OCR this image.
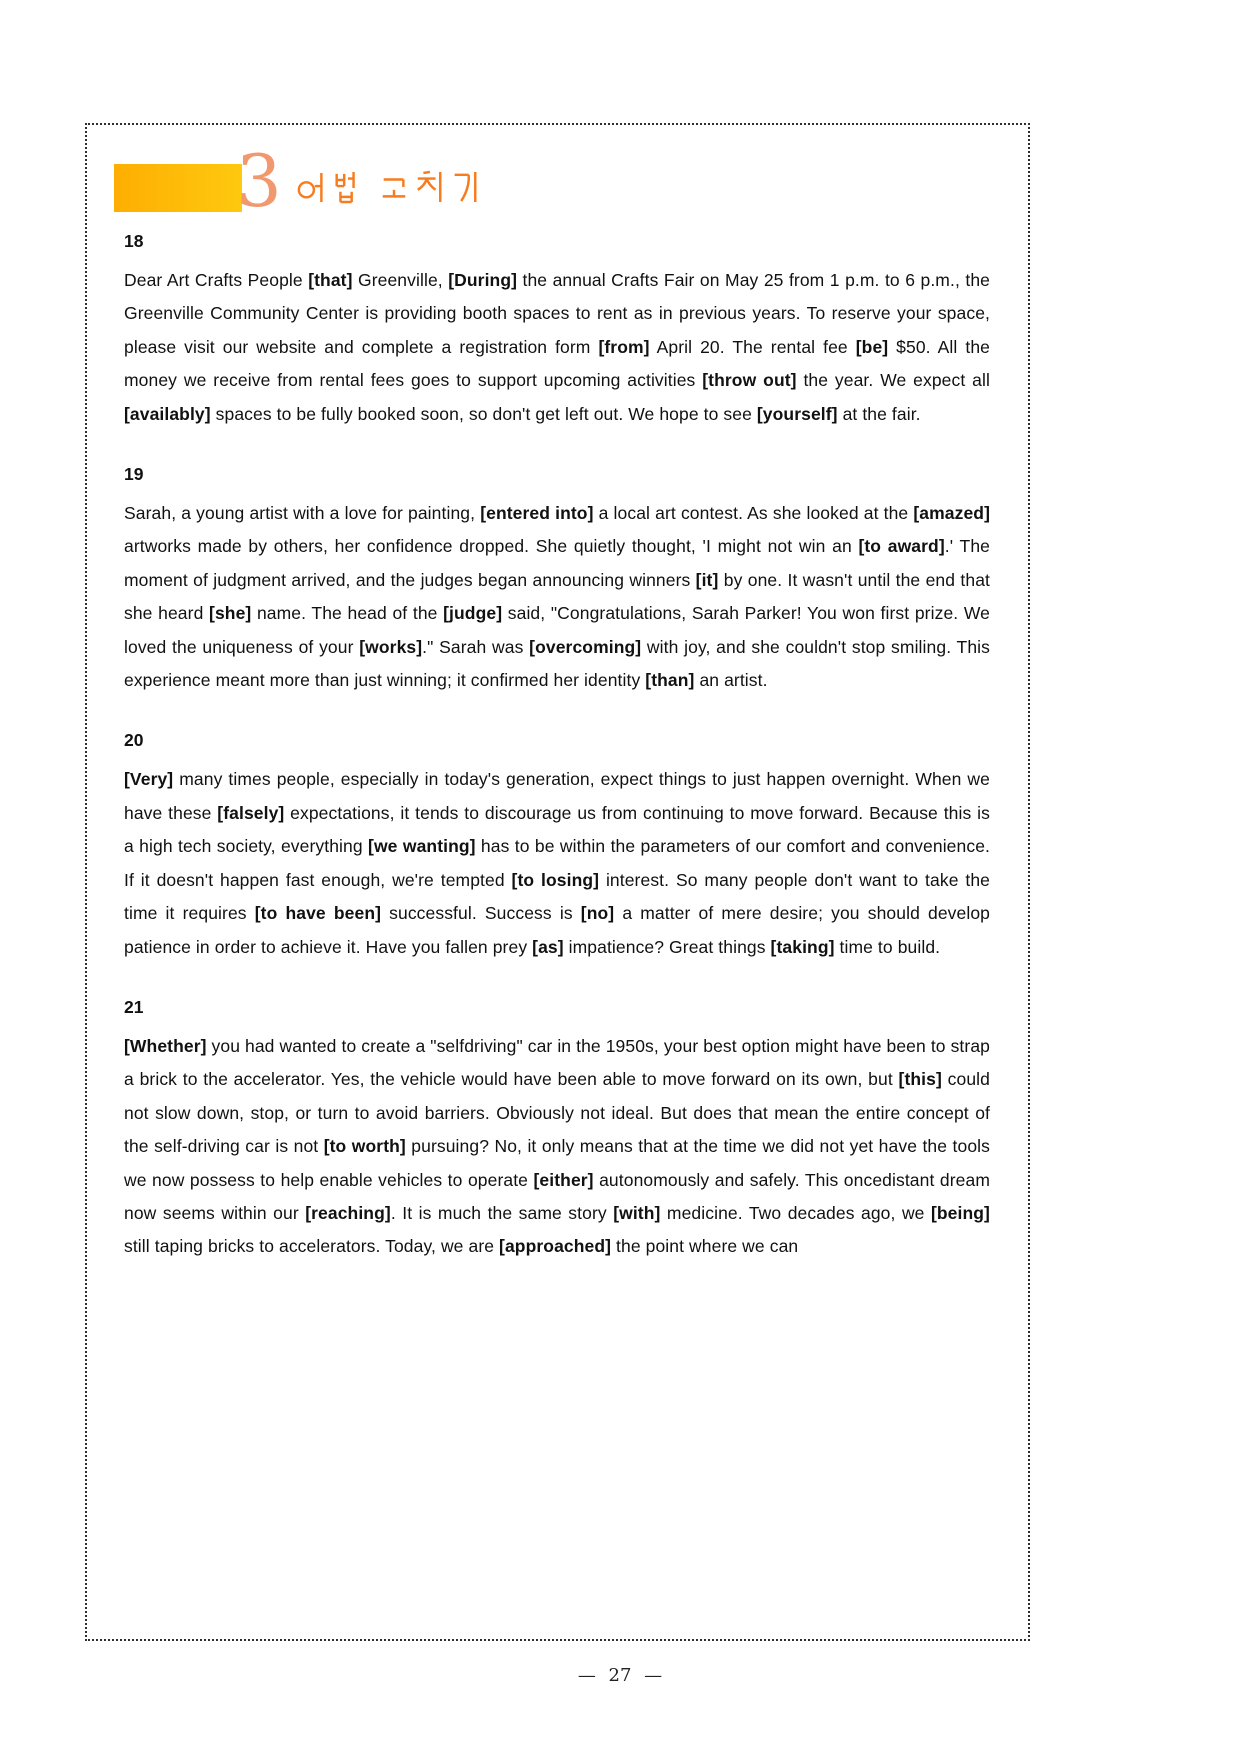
3
18

Dear Art Crafts People [that] Greenville, [During] the annual Crafts Fair on May 25 from 1 p.m. to 6 p.m., the Greenville Community Center is providing booth spaces to rent as in previous years. To reserve your space, please visit our website and complete a registration form [from] April 20. The rental fee [be] $50. All the money we receive from rental fees goes to support upcoming activities [throw out] the year. We expect all [availably] spaces to be fully booked soon, so don't get left out. We hope to see [yourself] at the fair.

19

Sarah, a young artist with a love for painting, [entered into] a local art contest. As she looked at the [amazed] artworks made by others, her confidence dropped. She quietly thought, 'I might not win an [to award].' The moment of judgment arrived, and the judges began announcing winners [it] by one. It wasn't until the end that she heard [she] name. The head of the [judge] said, "Congratulations, Sarah Parker! You won first prize. We loved the uniqueness of your [works]." Sarah was [overcoming] with joy, and she couldn't stop smiling. This experience meant more than just winning; it confirmed her identity [than] an artist.

20

[Very] many times people, especially in today's generation, expect things to just happen overnight. When we have these [falsely] expectations, it tends to discourage us from continuing to move forward. Because this is a high tech society, everything [we wanting] has to be within the parameters of our comfort and convenience. If it doesn't happen fast enough, we're tempted [to losing] interest. So many people don't want to take the time it requires [to have been] successful. Success is [no] a matter of mere desire; you should develop patience in order to achieve it. Have you fallen prey [as] impatience? Great things [taking] time to build.

21

[Whether] you had wanted to create a "selfdriving" car in the 1950s, your best option might have been to strap a brick to the accelerator. Yes, the vehicle would have been able to move forward on its own, but [this] could not slow down, stop, or turn to avoid barriers. Obviously not ideal. But does that mean the entire concept of the self-driving car is not [to worth] pursuing? No, it only means that at the time we did not yet have the tools we now possess to help enable vehicles to operate [either] autonomously and safely. This oncedistant dream now seems within our [reaching]. It is much the same story [with] medicine. Two decades ago, we [being] still taping bricks to accelerators. Today, we are [approached] the point where we can

— 27 —
